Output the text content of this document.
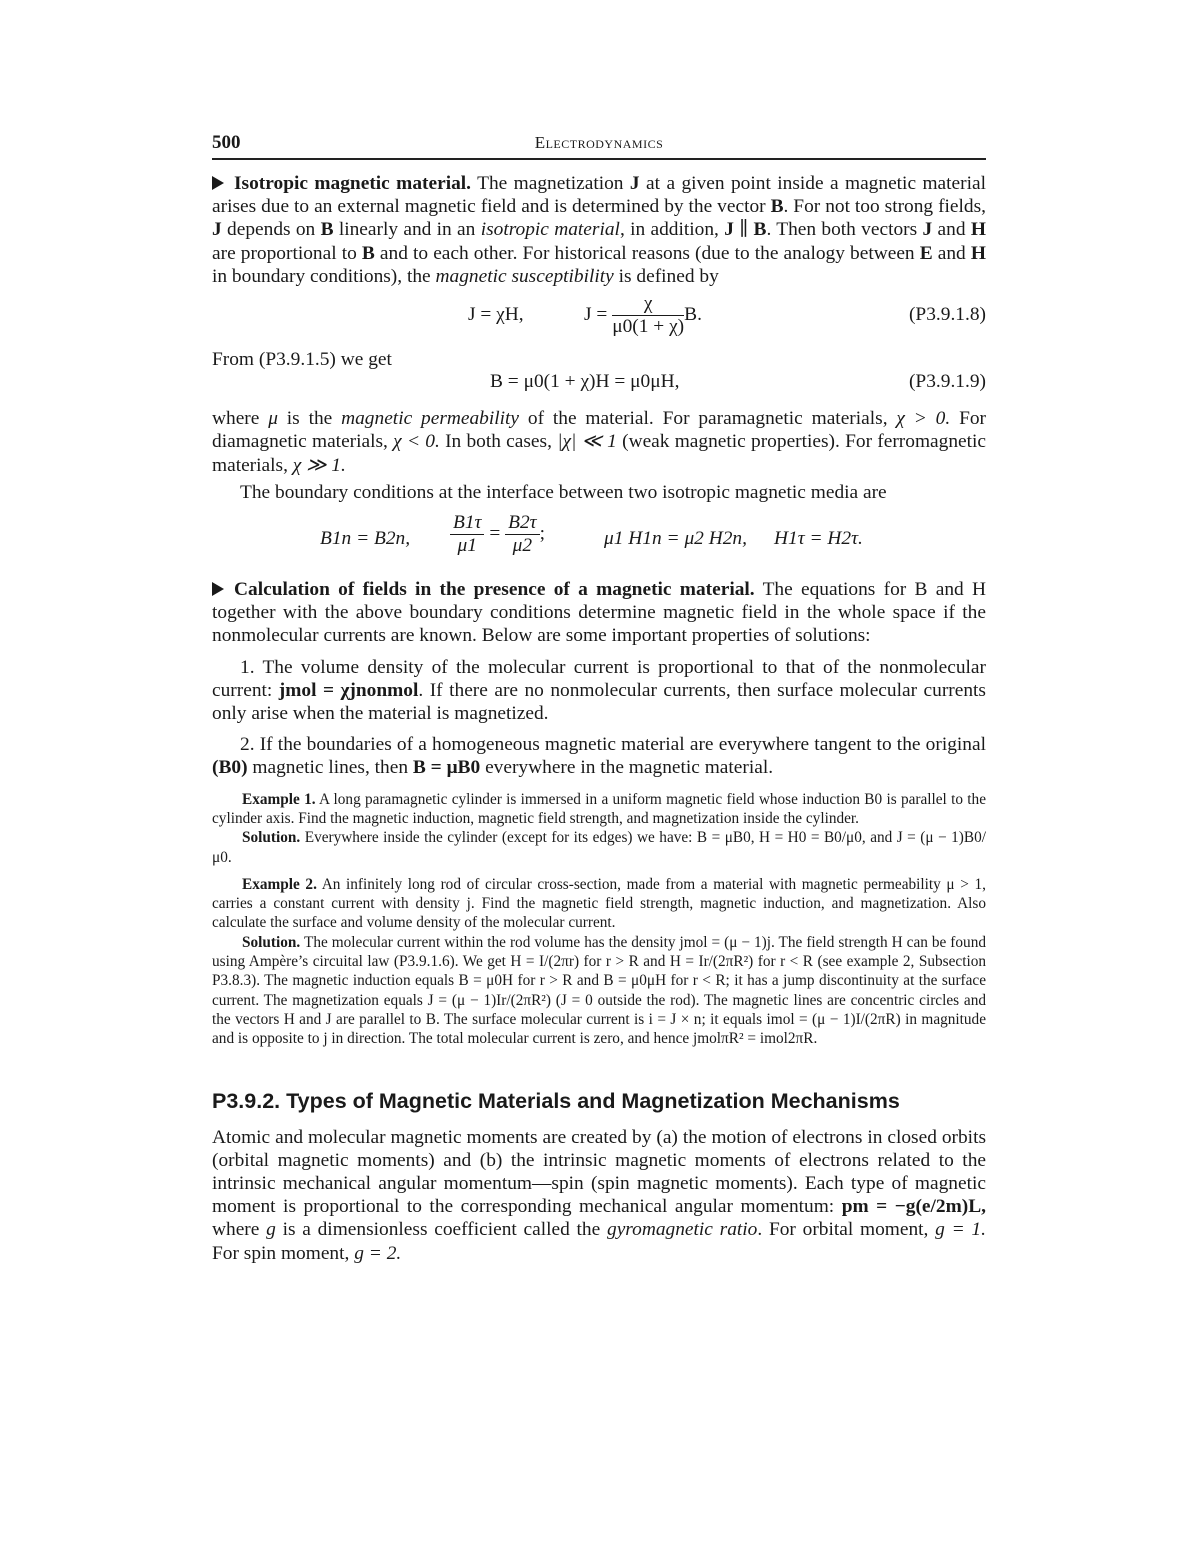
500	Electrodynamics

Isotropic magnetic material. The magnetization J at a given point inside a magnetic material arises due to an external magnetic field and is determined by the vector B. For not too strong fields, J depends on B linearly and in an isotropic material, in addition, J ∥ B. Then both vectors J and H are proportional to B and to each other. For historical reasons (due to the analogy between E and H in boundary conditions), the magnetic susceptibility is defined by

J = χH,	$J = \frac{\chi}{\mu 0(1 + \chi)} B$.	(P3.9.1.8)

From (P3.9.1.5) we get

B = μ0(1 + χ)H = μ0μH,	(P3.9.1.9)

where μ is the magnetic permeability of the material. For paramagnetic materials, χ > 0. For diamagnetic materials, χ < 0. In both cases, |χ| ≪ 1 (weak magnetic properties). For ferromagnetic materials, χ ≫ 1.

The boundary conditions at the interface between two isotropic magnetic media are

B1n = B2n, $\frac{B1\tau}{\mu 1} = \frac{B2\tau}{\mu 2}$ ;	μ1 H1n = μ2 H2n, H1τ = H2τ.

Calculation of fields in the presence of a magnetic material. The equations for B and H together with the above boundary conditions determine magnetic field in the whole space if the nonmolecular currents are known. Below are some important properties of solutions:

1. The volume density of the molecular current is proportional to that of the nonmolecular current: jmol = χjnonmol. If there are no nonmolecular currents, then surface molecular currents only arise when the material is magnetized.

2. If the boundaries of a homogeneous magnetic material are everywhere tangent to the original (B0) magnetic lines, then B = μB0 everywhere in the magnetic material.

Example 1. A long paramagnetic cylinder is immersed in a uniform magnetic field whose induction B0 is parallel to the cylinder axis. Find the magnetic induction, magnetic field strength, and magnetization inside the cylinder.

Solution. Everywhere inside the cylinder (except for its edges) we have: B = μB0, H = H0 = B0/μ0, and J = (μ − 1)B0/μ0.

Example 2. An infinitely long rod of circular cross-section, made from a material with magnetic permeability μ > 1, carries a constant current with density j. Find the magnetic field strength, magnetic induction, and magnetization. Also calculate the surface and volume density of the molecular current.

Solution. The molecular current within the rod volume has the density jmol = (μ − 1)j. The field strength H can be found using Ampère’s circuital law (P3.9.1.6). We get H = I/(2πr) for r > R and H = Ir/(2πR²) for r < R (see example 2, Subsection P3.8.3). The magnetic induction equals B = μ0H for r > R and B = μ0μH for r < R; it has a jump discontinuity at the surface current. The magnetization equals J = (μ − 1)Ir/(2πR²) (J = 0 outside the rod). The magnetic lines are concentric circles and the vectors H and J are parallel to B. The surface molecular current is i = J × n; it equals imol = (μ − 1)I/(2πR) in magnitude and is opposite to j in direction. The total molecular current is zero, and hence jmolπR² = imol2πR.

P3.9.2. Types of Magnetic Materials and Magnetization Mechanisms

Atomic and molecular magnetic moments are created by (a) the motion of electrons in closed orbits (orbital magnetic moments) and (b) the intrinsic magnetic moments of electrons related to the intrinsic mechanical angular momentum—spin (spin magnetic moments). Each type of magnetic moment is proportional to the corresponding mechanical angular momentum: pm = −g(e/2m)L, where g is a dimensionless coefficient called the gyromagnetic ratio. For orbital moment, g = 1. For spin moment, g = 2.
